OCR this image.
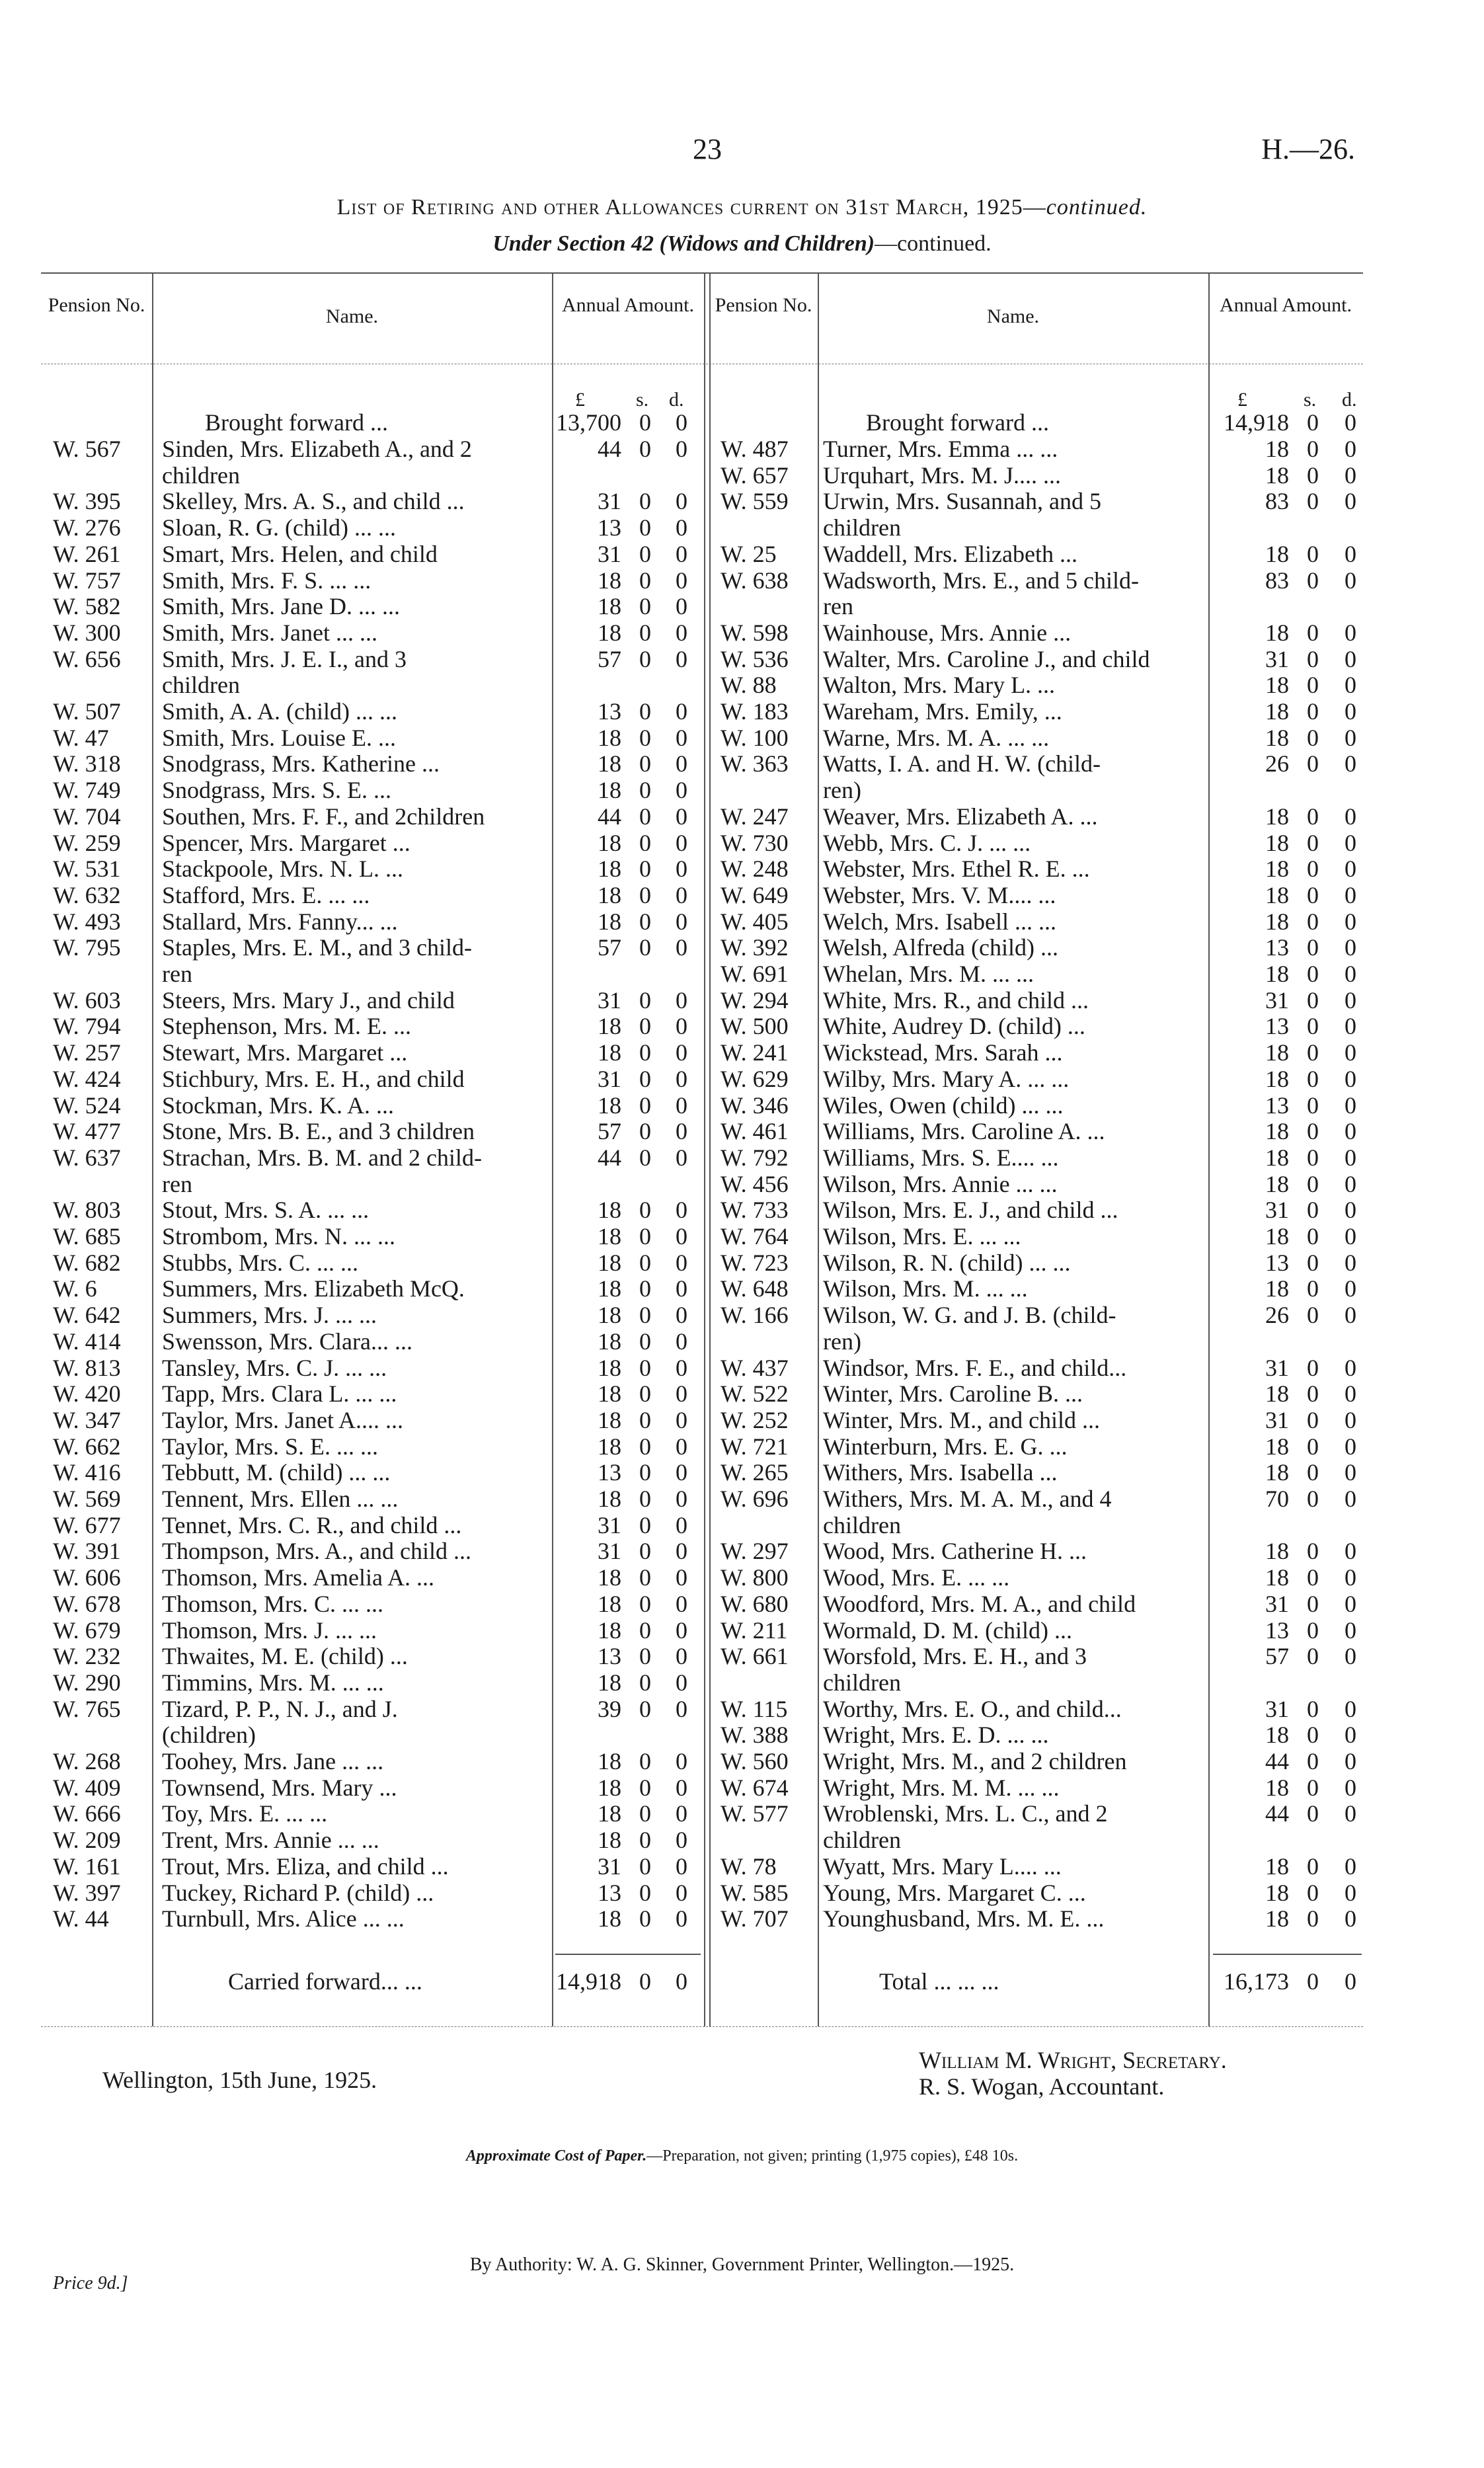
23	H.—26.
List of Retiring and other Allowances current on 31st March, 1925—continued.
Under Section 42 (Widows and Children)—continued.
Pension No.
Name.
Annual Amount.	Pension No.
Name.
Annual Amount.
£	s. d.	£	s. d.
Brought forward ...	13,700 0	0	Brought forward ...	14,918 0	0
W. 567 Sinden, Mrs. Elizabeth A., and 2	44 0	0
children
W. 395 Skelley, Mrs. A. S., and child ...	31 0	0
W. 276 Sloan, R. G. (child) ... ...	13 0	0
W. 261 Smart, Mrs. Helen, and child	31 0	0
W. 757 Smith, Mrs. F. S. ... ...	18 0	0
W. 582 Smith, Mrs. Jane D. ... ...	18 0	0
W. 300 Smith, Mrs. Janet ... ...	18 0	0
W. 656 Smith, Mrs. J. E. I., and 3	57 0	0
children
W. 507 Smith, A. A. (child) ... ...	13 0	0
W. 47 Smith, Mrs. Louise E. ...	18 0	0
W. 318 Snodgrass, Mrs. Katherine ...	18 0	0
W. 749 Snodgrass, Mrs. S. E. ...	18 0	0
W. 704 Southen, Mrs. F. F., and 2children	44 0	0
W. 259 Spencer, Mrs. Margaret ...	18 0	0
W. 531 Stackpoole, Mrs. N. L. ...	18 0	0
W. 632 Stafford, Mrs. E. ... ...	18 0	0
W. 493 Stallard, Mrs. Fanny... ...	18 0	0
W. 795 Staples, Mrs. E. M., and 3 child-	57 0	0
ren
W. 603 Steers, Mrs. Mary J., and child	31 0	0
W. 794 Stephenson, Mrs. M. E. ...	18 0	0
W. 257 Stewart, Mrs. Margaret ...	18 0	0
W. 424 Stichbury, Mrs. E. H., and child	31 0	0
W. 524 Stockman, Mrs. K. A. ...	18 0	0
W. 477 Stone, Mrs. B. E., and 3 children	57 0	0
W. 637 Strachan, Mrs. B. M. and 2 child-	44 0	0
ren
W. 803 Stout, Mrs. S. A. ... ...	18 0	0
W. 685 Strombom, Mrs. N. ... ...	18 0	0
W. 682 Stubbs, Mrs. C. ... ...	18 0	0
W. 6	Summers, Mrs. Elizabeth McQ.	18 0	0
W. 642 Summers, Mrs. J. ... ...	18 0	0
W. 414 Swensson, Mrs. Clara... ...	18 0	0
W. 813 Tansley, Mrs. C. J. ... ...	18 0	0
W. 420 Tapp, Mrs. Clara L. ... ...	18 0	0
W. 347 Taylor, Mrs. Janet A.... ...	18 0	0
W. 662 Taylor, Mrs. S. E. ... ...	18 0	0
W. 416 Tebbutt, M. (child) ... ...	13 0	0
W. 569 Tennent, Mrs. Ellen ... ...	18 0	0
W. 677 Tennet, Mrs. C. R., and child ...	31 0	0
W. 391 Thompson, Mrs. A., and child ...	31 0	0
W. 606 Thomson, Mrs. Amelia A. ...	18 0	0
W. 678 Thomson, Mrs. C. ... ...	18 0	0
W. 679 Thomson, Mrs. J. ... ...	18 0	0
W. 232 Thwaites, M. E. (child) ...	13 0	0
W. 290 Timmins, Mrs. M. ... ...	18 0	0
W. 765 Tizard, P. P., N. J., and J.	39 0	0
(children)
W. 268 Toohey, Mrs. Jane ... ...	18 0	0
W. 409 Townsend, Mrs. Mary ...	18 0	0
W. 666 Toy, Mrs. E. ... ...	18 0	0
W. 209 Trent, Mrs. Annie ... ...	18 0	0
W. 161 Trout, Mrs. Eliza, and child ...	31 0	0
W. 397 Tuckey, Richard P. (child) ...	13 0	0
W. 44 Turnbull, Mrs. Alice ... ...	18 0	0
W. 487 Turner, Mrs. Emma ... ...	18 0	0
W. 657 Urquhart, Mrs. M. J.... ...	18 0	0
W. 559 Urwin, Mrs. Susannah, and 5	83 0	0
children
W. 25 Waddell, Mrs. Elizabeth ...	18 0	0
W. 638 Wadsworth, Mrs. E., and 5 child-	83 0	0
ren
W. 598 Wainhouse, Mrs. Annie ...	18 0	0
W. 536 Walter, Mrs. Caroline J., and child	31 0	0
W. 88 Walton, Mrs. Mary L. ...	18 0	0
W. 183 Wareham, Mrs. Emily, ...	18 0	0
W. 100 Warne, Mrs. M. A. ... ...	18 0	0
W. 363 Watts, I. A. and H. W. (child-	26 0	0
ren)
W. 247 Weaver, Mrs. Elizabeth A. ...	18 0	0
W. 730 Webb, Mrs. C. J. ... ...	18 0	0
W. 248 Webster, Mrs. Ethel R. E. ...	18 0	0
W. 649 Webster, Mrs. V. M.... ...	18 0	0
W. 405 Welch, Mrs. Isabell ... ...	18 0	0
W. 392 Welsh, Alfreda (child) ...	13 0	0
W. 691 Whelan, Mrs. M. ... ...	18 0	0
W. 294 White, Mrs. R., and child ...	31 0	0
W. 500 White, Audrey D. (child) ...	13 0	0
W. 241 Wickstead, Mrs. Sarah ...	18 0	0
W. 629 Wilby, Mrs. Mary A. ... ...	18 0	0
W. 346 Wiles, Owen (child) ... ...	13 0	0
W. 461 Williams, Mrs. Caroline A. ...	18 0	0
W. 792 Williams, Mrs. S. E.... ...	18 0	0
W. 456 Wilson, Mrs. Annie ... ...	18 0	0
W. 733 Wilson, Mrs. E. J., and child ...	31 0	0
W. 764 Wilson, Mrs. E. ... ...	18 0	0
W. 723 Wilson, R. N. (child) ... ...	13 0	0
W. 648 Wilson, Mrs. M. ... ...	18 0	0
W. 166 Wilson, W. G. and J. B. (child-	26 0	0
ren)
W. 437 Windsor, Mrs. F. E., and child...	31 0	0
W. 522 Winter, Mrs. Caroline B. ...	18 0	0
W. 252 Winter, Mrs. M., and child ...	31 0	0
W. 721 Winterburn, Mrs. E. G. ...	18 0	0
W. 265 Withers, Mrs. Isabella ...	18 0	0
W. 696 Withers, Mrs. M. A. M., and 4	70 0	0
children
W. 297 Wood, Mrs. Catherine H. ...	18 0	0
W. 800 Wood, Mrs. E. ... ...	18 0	0
W. 680 Woodford, Mrs. M. A., and child	31 0	0
W. 211 Wormald, D. M. (child) ...	13 0	0
W. 661 Worsfold, Mrs. E. H., and 3	57 0	0
children
W. 115 Worthy, Mrs. E. O., and child...	31 0	0
W. 388 Wright, Mrs. E. D. ... ...	18 0	0
W. 560 Wright, Mrs. M., and 2 children	44 0	0
W. 674 Wright, Mrs. M. M. ... ...	18 0	0
W. 577 Wroblenski, Mrs. L. C., and 2	44 0	0
children
W. 78 Wyatt, Mrs. Mary L.... ...	18 0	0
W. 585 Young, Mrs. Margaret C. ...	18 0	0
W. 707 Younghusband, Mrs. M. E. ...	18 0	0
Carried forward... ...	14,918 0	0	Total ... ... ...	16,173 0	0
William M. Wright, Secretary.
R. S. Wogan, Accountant.
Wellington, 15th June, 1925.
Approximate Cost of Paper.—Preparation, not given; printing (1,975 copies), £48 10s.
By Authority: W. A. G. Skinner, Government Printer, Wellington.—1925.
Price 9d.]
